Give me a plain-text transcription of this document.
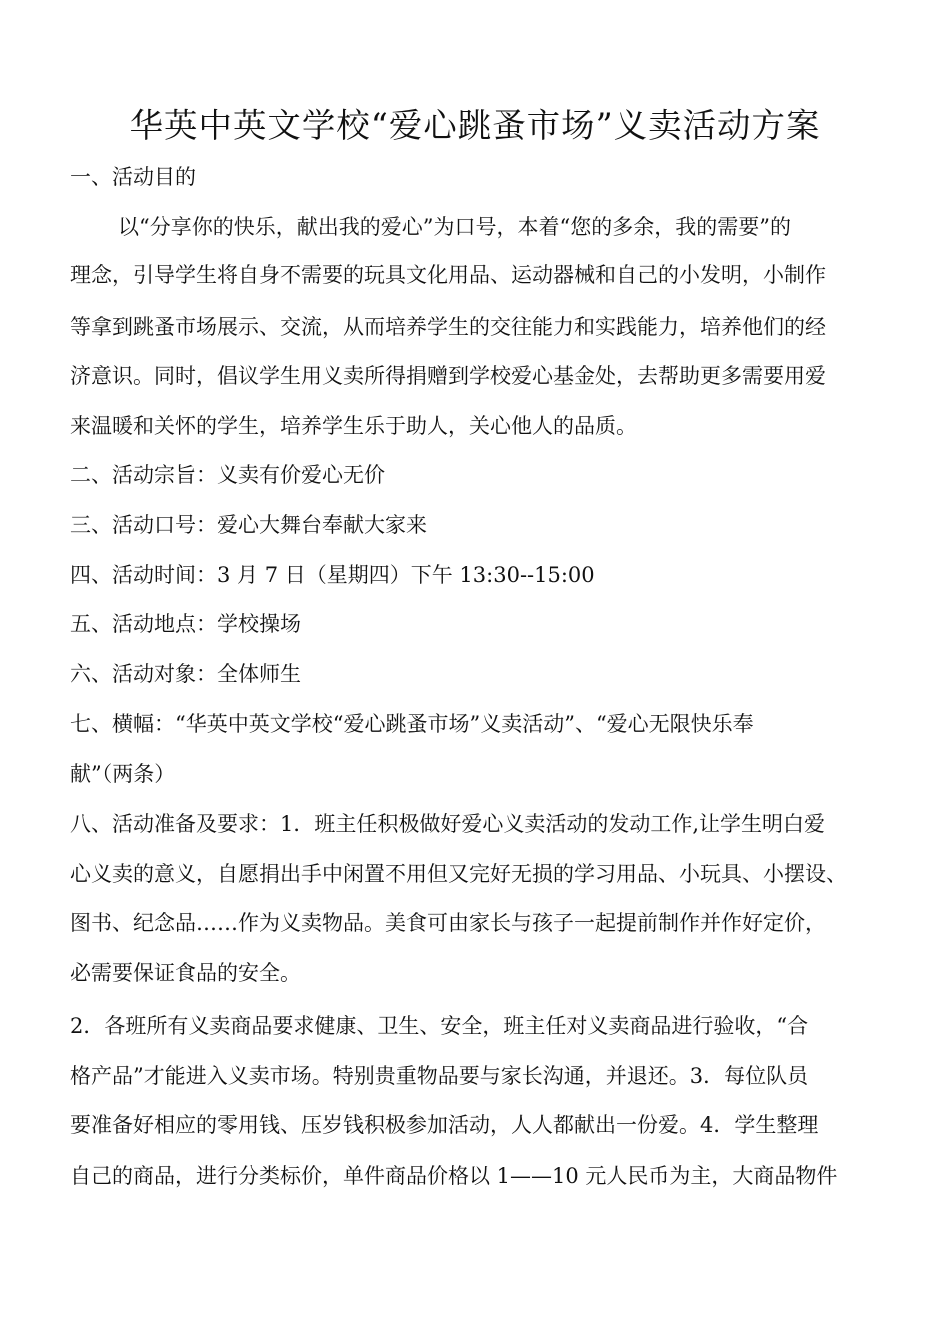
华英中英文学校“爱心跳蚤市场”义卖活动方案
一、活动目的
以“分享你的快乐，献出我的爱心”为口号，本着“您的多余，我的需要”的
理念，引导学生将自身不需要的玩具文化用品、运动器械和自己的小发明，小制作
等拿到跳蚤市场展示、交流，从而培养学生的交往能力和实践能力，培养他们的经
济意识。同时，倡议学生用义卖所得捐赠到学校爱心基金处，去帮助更多需要用爱
来温暖和关怀的学生，培养学生乐于助人，关心他人的品质。
二、活动宗旨：义卖有价爱心无价
三、活动口号：爱心大舞台奉献大家来
四、活动时间：3 月 7 日（星期四）下午 13:30--15:00
五、活动地点：学校操场
六、活动对象：全体师生
七、横幅：“华英中英文学校“爱心跳蚤市场”义卖活动”、“爱心无限快乐奉
献”（两条）
八、活动准备及要求：1．班主任积极做好爱心义卖活动的发动工作,让学生明白爱
心义卖的意义，自愿捐出手中闲置不用但又完好无损的学习用品、小玩具、小摆设、
图书、纪念品……作为义卖物品。美食可由家长与孩子一起提前制作并作好定价，
必需要保证食品的安全。
2．各班所有义卖商品要求健康、卫生、安全，班主任对义卖商品进行验收，“合
格产品”才能进入义卖市场。特别贵重物品要与家长沟通，并退还。3．每位队员
要准备好相应的零用钱、压岁钱积极参加活动，人人都献出一份爱。4．学生整理
自己的商品，进行分类标价，单件商品价格以 1——10 元人民币为主，大商品物件
